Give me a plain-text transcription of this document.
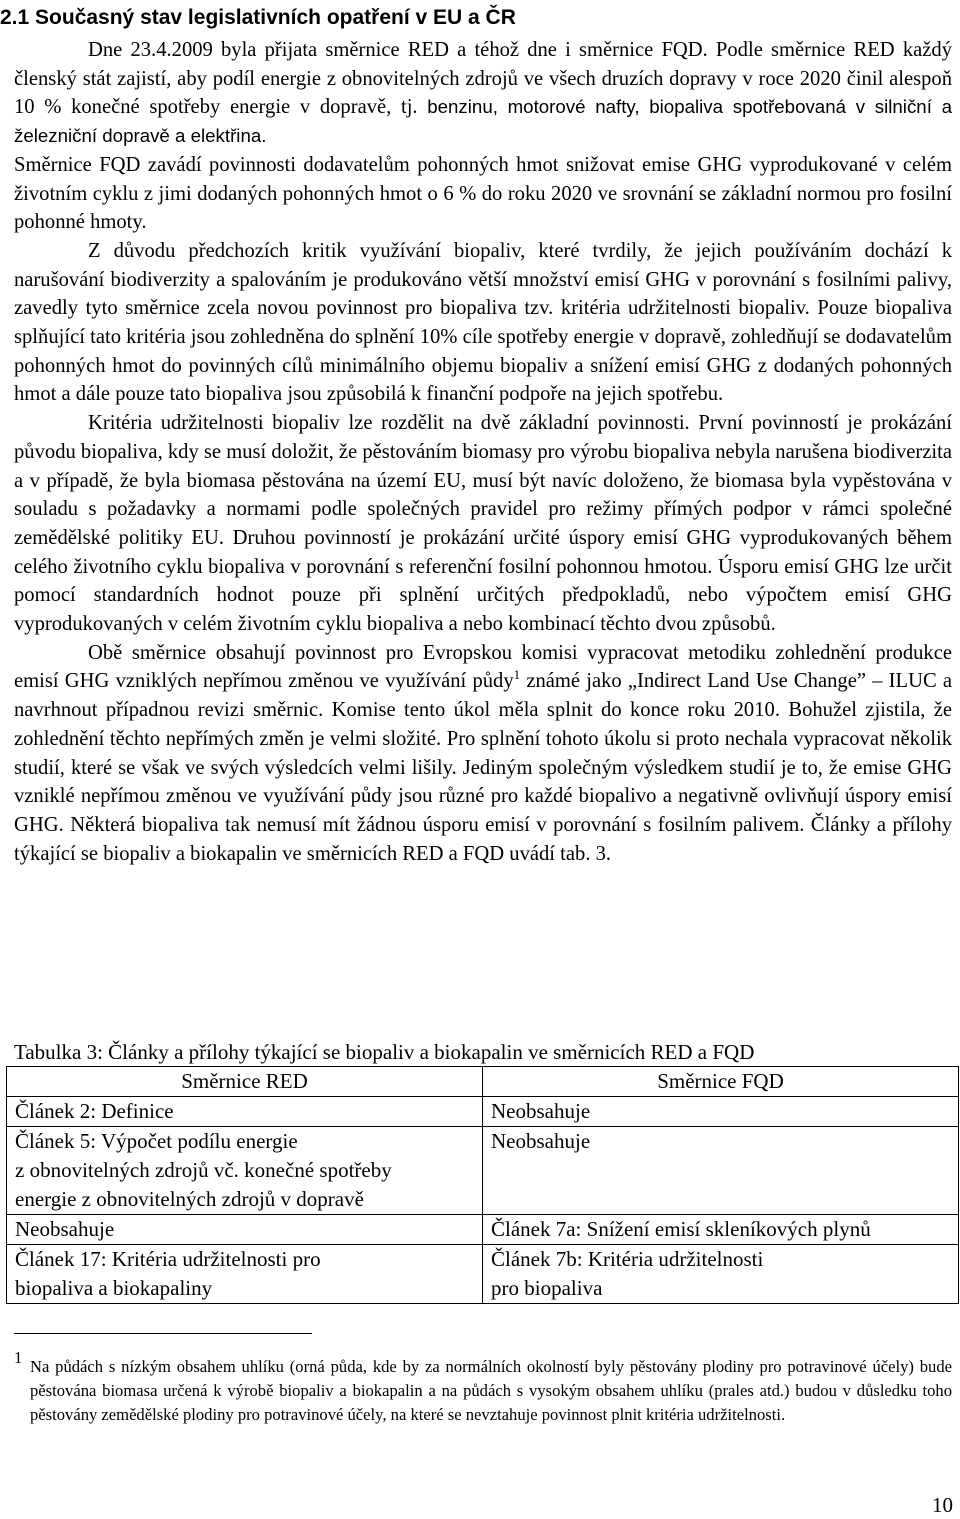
2.1 Současný stav legislativních opatření v EU a ČR

Dne 23.4.2009 byla přijata směrnice RED a téhož dne i směrnice FQD. Podle směrnice RED každý členský stát zajistí, aby podíl energie z obnovitelných zdrojů ve všech druzích dopravy v roce 2020 činil alespoň 10 % konečné spotřeby energie v dopravě, tj. benzinu, motorové nafty, biopaliva spotřebovaná v silniční a železniční dopravě a elektřina.

Směrnice FQD zavádí povinnosti dodavatelům pohonných hmot snižovat emise GHG vyprodukované v celém životním cyklu z jimi dodaných pohonných hmot o 6 % do roku 2020 ve srovnání se základní normou pro fosilní pohonné hmoty.

Z důvodu předchozích kritik využívání biopaliv, které tvrdily, že jejich používáním dochází k narušování biodiverzity a spalováním je produkováno větší množství emisí GHG v porovnání s fosilními palivy, zavedly tyto směrnice zcela novou povinnost pro biopaliva tzv. kritéria udržitelnosti biopaliv. Pouze biopaliva splňující tato kritéria jsou zohledněna do splnění 10% cíle spotřeby energie v dopravě, zohledňují se dodavatelům pohonných hmot do povinných cílů minimálního objemu biopaliv a snížení emisí GHG z dodaných pohonných hmot a dále pouze tato biopaliva jsou způsobilá k finanční podpoře na jejich spotřebu.

Kritéria udržitelnosti biopaliv lze rozdělit na dvě základní povinnosti. První povinností je prokázání původu biopaliva, kdy se musí doložit, že pěstováním biomasy pro výrobu biopaliva nebyla narušena biodiverzita a v případě, že byla biomasa pěstována na území EU, musí být navíc doloženo, že biomasa byla vypěstována v souladu s požadavky a normami podle společných pravidel pro režimy přímých podpor v rámci společné zemědělské politiky EU. Druhou povinností je prokázání určité úspory emisí GHG vyprodukovaných během celého životního cyklu biopaliva v porovnání s referenční fosilní pohonnou hmotou. Úsporu emisí GHG lze určit pomocí standardních hodnot pouze při splnění určitých předpokladů, nebo výpočtem emisí GHG vyprodukovaných v celém životním cyklu biopaliva a nebo kombinací těchto dvou způsobů.

Obě směrnice obsahují povinnost pro Evropskou komisi vypracovat metodiku zohlednění produkce emisí GHG vzniklých nepřímou změnou ve využívání půdy$^1$ známé jako „Indirect Land Use Change” – ILUC a navrhnout případnou revizi směrnic. Komise tento úkol měla splnit do konce roku 2010. Bohužel zjistila, že zohlednění těchto nepřímých změn je velmi složité. Pro splnění tohoto úkolu si proto nechala vypracovat několik studií, které se však ve svých výsledcích velmi lišily. Jediným společným výsledkem studií je to, že emise GHG vzniklé nepřímou změnou ve využívání půdy jsou různé pro každé biopalivo a negativně ovlivňují úspory emisí GHG. Některá biopaliva tak nemusí mít žádnou úsporu emisí v porovnání s fosilním palivem. Články a přílohy týkající se biopaliv a biokapalin ve směrnicích RED a FQD uvádí tab. 3.

Tabulka 3: Články a přílohy týkající se biopaliv a biokapalin ve směrnicích RED a FQD
Směrnice RED	Směrnice FQD
Článek 2: Definice	Neobsahuje
Článek 5: Výpočet podílu energie
z obnovitelných zdrojů vč. konečné spotřeby
energie z obnovitelných zdrojů v dopravě	Neobsahuje
Neobsahuje	Článek 7a: Snížení emisí skleníkových plynů
Článek 17: Kritéria udržitelnosti pro
biopaliva a biokapaliny	Článek 7b: Kritéria udržitelnosti
pro biopaliva
1 Na půdách s nízkým obsahem uhlíku (orná půda, kde by za normálních okolností byly pěstovány plodiny pro potravinové účely) bude pěstována biomasa určená k výrobě biopaliv a biokapalin a na půdách s vysokým obsahem uhlíku (prales atd.) budou v důsledku toho pěstovány zemědělské plodiny pro potravinové účely, na které se nevztahuje povinnost plnit kritéria udržitelnosti.
10
